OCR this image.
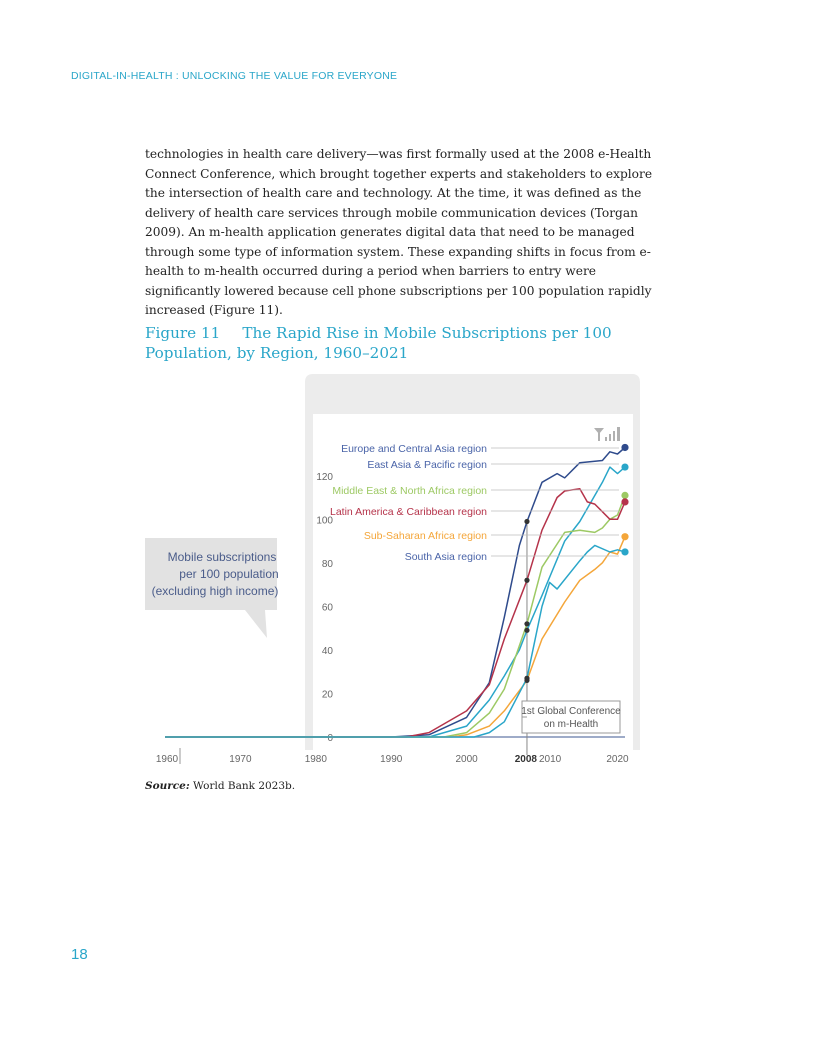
DIGITAL-IN-HEALTH : UNLOCKING THE VALUE FOR EVERYONE

technologies in health care delivery—was first formally used at the 2008 e-Health Connect Conference, which brought together experts and stakeholders to explore the intersection of health care and technology. At the time, it was defined as the delivery of health care services through mobile communication devices (Torgan 2009). An m-health application generates digital data that need to be managed through some type of information system. These expanding shifts in focus from e-health to m-health occurred during a period when barriers to entry were significantly lowered because cell phone subscriptions per 100 population rapidly increased (Figure 11).

Figure 11 The Rapid Rise in Mobile Subscriptions per 100 Population, by Region, 1960–2021
Mobile subscriptions
per 100 population
(excluding high income)
0
20
40
60
80
100
120
1st Global Conference
on m-Health
Europe and Central Asia region
East Asia & Pacific region
Middle East & North Africa region
Latin America & Caribbean region
Sub-Saharan Africa region
South Asia region
1960	1970	1980	1990	2000	2008 2010	2020
Source: World Bank 2023b.
18
